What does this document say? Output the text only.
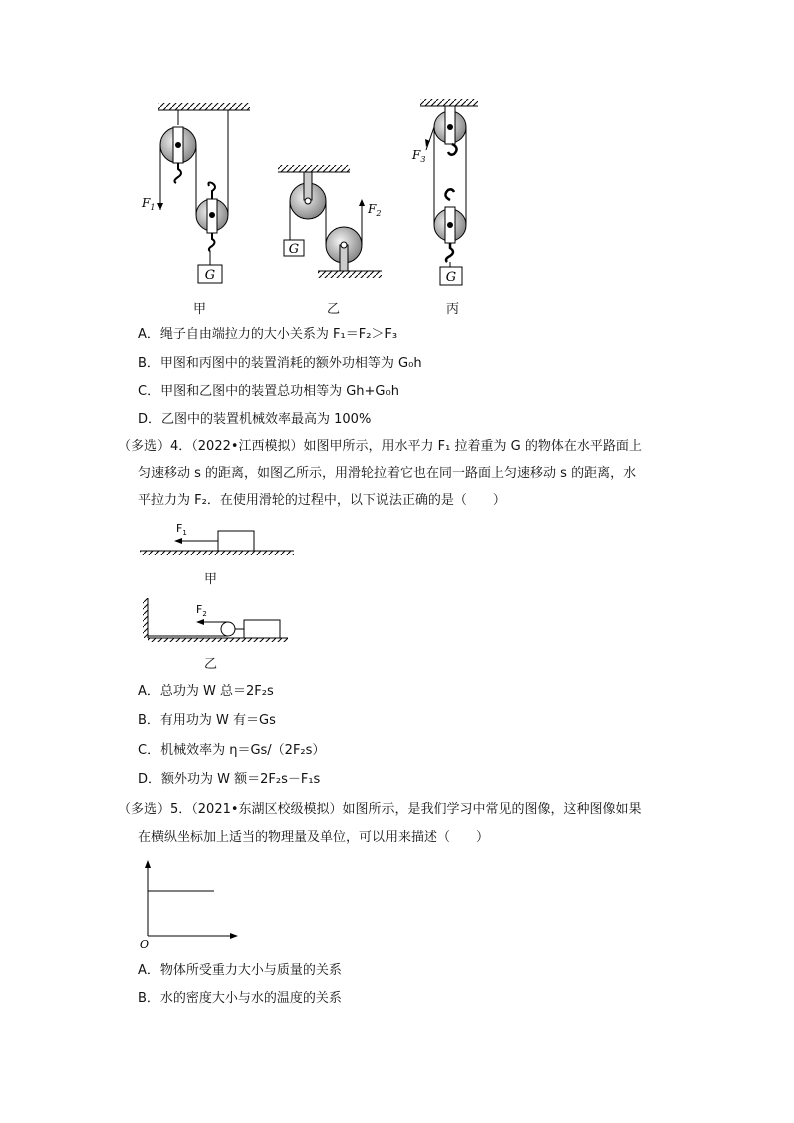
G
$F_1$
G
$F_2$
G
$F_3$
甲	乙	丙
A．绳子自由端拉力的大小关系为 F₁＝F₂＞F₃
B．甲图和丙图中的装置消耗的额外功相等为 G₀h
C．甲图和乙图中的装置总功相等为 Gh+G₀h
D．乙图中的装置机械效率最高为 100%
（多选）4．（2022•江西模拟）如图甲所示，用水平力 F₁ 拉着重为 G 的物体在水平路面上
匀速移动 s 的距离，如图乙所示，用滑轮拉着它也在同一路面上匀速移动 s 的距离，水
平拉力为 F₂．在使用滑轮的过程中，以下说法正确的是（　　）
$F_1$
$F_2$
甲
乙
A．总功为 W 总＝2F₂s
B．有用功为 W 有＝Gs
C．机械效率为 η＝Gs/（2F₂s）
D．额外功为 W 额＝2F₂s－F₁s
（多选）5．（2021•东湖区校级模拟）如图所示，是我们学习中常见的图像，这种图像如果
在横纵坐标加上适当的物理量及单位，可以用来描述（　　）
O
A．物体所受重力大小与质量的关系
B．水的密度大小与水的温度的关系
